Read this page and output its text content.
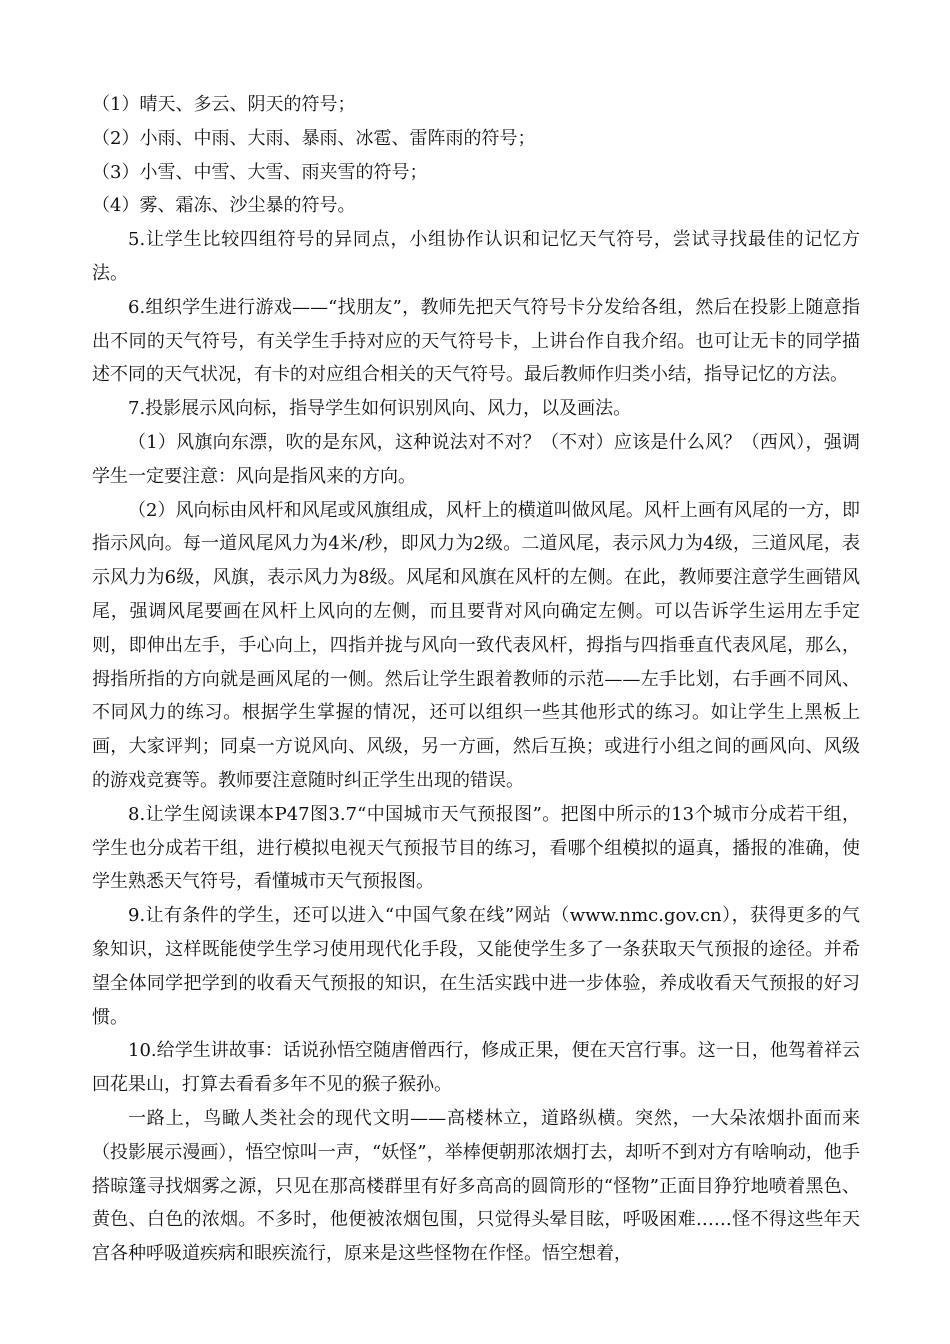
（1）晴天、多云、阴天的符号；

（2）小雨、中雨、大雨、暴雨、冰雹、雷阵雨的符号；

（3）小雪、中雪、大雪、雨夹雪的符号；

（4）雾、霜冻、沙尘暴的符号。

5.让学生比较四组符号的异同点，小组协作认识和记忆天气符号，尝试寻找最佳的记忆方法。

6.组织学生进行游戏——“找朋友”，教师先把天气符号卡分发给各组，然后在投影上随意指出不同的天气符号，有关学生手持对应的天气符号卡，上讲台作自我介绍。也可让无卡的同学描述不同的天气状况，有卡的对应组合相关的天气符号。最后教师作归类小结，指导记忆的方法。

7.投影展示风向标，指导学生如何识别风向、风力，以及画法。

（1）风旗向东漂，吹的是东风，这种说法对不对？（不对）应该是什么风？（西风），强调学生一定要注意：风向是指风来的方向。

（2）风向标由风杆和风尾或风旗组成，风杆上的横道叫做风尾。风杆上画有风尾的一方，即指示风向。每一道风尾风力为4米/秒，即风力为2级。二道风尾，表示风力为4级，三道风尾，表示风力为6级，风旗，表示风力为8级。风尾和风旗在风杆的左侧。在此，教师要注意学生画错风尾，强调风尾要画在风杆上风向的左侧，而且要背对风向确定左侧。可以告诉学生运用左手定则，即伸出左手，手心向上，四指并拢与风向一致代表风杆，拇指与四指垂直代表风尾，那么，拇指所指的方向就是画风尾的一侧。然后让学生跟着教师的示范——左手比划，右手画不同风、不同风力的练习。根据学生掌握的情况，还可以组织一些其他形式的练习。如让学生上黑板上画，大家评判；同桌一方说风向、风级，另一方画，然后互换；或进行小组之间的画风向、风级的游戏竞赛等。教师要注意随时纠正学生出现的错误。

8.让学生阅读课本P47图3.7“中国城市天气预报图”。把图中所示的13个城市分成若干组，学生也分成若干组，进行模拟电视天气预报节目的练习，看哪个组模拟的逼真，播报的准确，使学生熟悉天气符号，看懂城市天气预报图。

9.让有条件的学生，还可以进入“中国气象在线”网站（www.nmc.gov.cn），获得更多的气象知识，这样既能使学生学习使用现代化手段，又能使学生多了一条获取天气预报的途径。并希望全体同学把学到的收看天气预报的知识，在生活实践中进一步体验，养成收看天气预报的好习惯。

10.给学生讲故事：话说孙悟空随唐僧西行，修成正果，便在天宫行事。这一日，他驾着祥云回花果山，打算去看看多年不见的猴子猴孙。

一路上，鸟瞰人类社会的现代文明——高楼林立，道路纵横。突然，一大朵浓烟扑面而来（投影展示漫画），悟空惊叫一声，“妖怪”，举棒便朝那浓烟打去，却听不到对方有啥响动，他手搭晾篷寻找烟雾之源，只见在那高楼群里有好多高高的圆筒形的“怪物”正面目狰狞地喷着黑色、黄色、白色的浓烟。不多时，他便被浓烟包围，只觉得头晕目眩，呼吸困难……怪不得这些年天宫各种呼吸道疾病和眼疾流行，原来是这些怪物在作怪。悟空想着，
